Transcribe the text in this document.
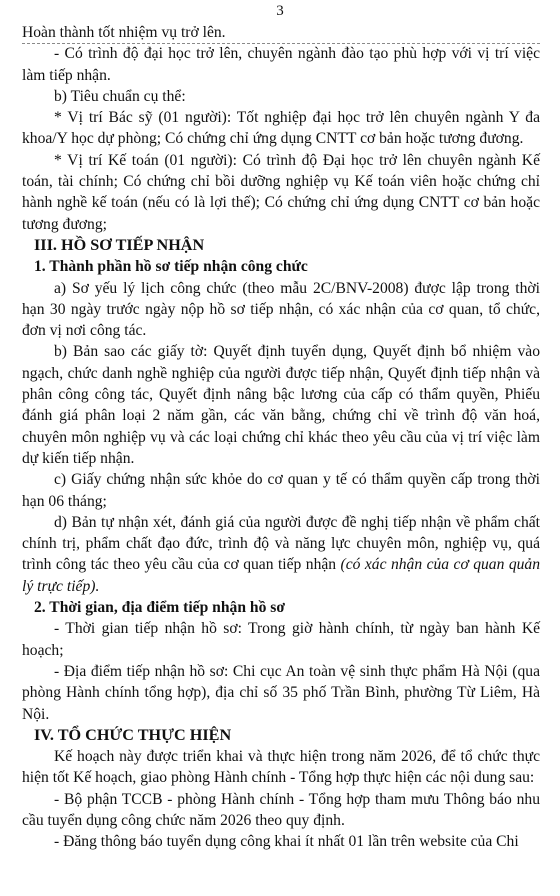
3

Hoàn thành tốt nhiệm vụ trở lên.

- Có trình độ đại học trở lên, chuyên ngành đào tạo phù hợp với vị trí việc làm tiếp nhận.

b) Tiêu chuẩn cụ thể:

* Vị trí Bác sỹ (01 người): Tốt nghiệp đại học trở lên chuyên ngành Y đa khoa/Y học dự phòng; Có chứng chỉ ứng dụng CNTT cơ bản hoặc tương đương.

* Vị trí Kế toán (01 người): Có trình độ Đại học trở lên chuyên ngành Kế toán, tài chính; Có chứng chỉ bồi dưỡng nghiệp vụ Kế toán viên hoặc chứng chỉ hành nghề kế toán (nếu có là lợi thế); Có chứng chỉ ứng dụng CNTT cơ bản hoặc tương đương;

III. HỒ SƠ TIẾP NHẬN

1. Thành phần hồ sơ tiếp nhận công chức

a) Sơ yếu lý lịch công chức (theo mẫu 2C/BNV-2008) được lập trong thời hạn 30 ngày trước ngày nộp hồ sơ tiếp nhận, có xác nhận của cơ quan, tổ chức, đơn vị nơi công tác.

b) Bản sao các giấy tờ: Quyết định tuyển dụng, Quyết định bổ nhiệm vào ngạch, chức danh nghề nghiệp của người được tiếp nhận, Quyết định tiếp nhận và phân công công tác, Quyết định nâng bậc lương của cấp có thẩm quyền, Phiếu đánh giá phân loại 2 năm gần, các văn bằng, chứng chỉ về trình độ văn hoá, chuyên môn nghiệp vụ và các loại chứng chỉ khác theo yêu cầu của vị trí việc làm dự kiến tiếp nhận.

c) Giấy chứng nhận sức khỏe do cơ quan y tế có thẩm quyền cấp trong thời hạn 06 tháng;

d) Bản tự nhận xét, đánh giá của người được đề nghị tiếp nhận về phẩm chất chính trị, phẩm chất đạo đức, trình độ và năng lực chuyên môn, nghiệp vụ, quá trình công tác theo yêu cầu của cơ quan tiếp nhận (có xác nhận của cơ quan quản lý trực tiếp).

2. Thời gian, địa điểm tiếp nhận hồ sơ

- Thời gian tiếp nhận hồ sơ: Trong giờ hành chính, từ ngày ban hành Kế hoạch;

- Địa điểm tiếp nhận hồ sơ: Chi cục An toàn vệ sinh thực phẩm Hà Nội (qua phòng Hành chính tổng hợp), địa chỉ số 35 phố Trần Bình, phường Từ Liêm, Hà Nội.

IV. TỔ CHỨC THỰC HIỆN

Kế hoạch này được triển khai và thực hiện trong năm 2026, để tổ chức thực hiện tốt Kế hoạch, giao phòng Hành chính - Tổng hợp thực hiện các nội dung sau:

- Bộ phận TCCB - phòng Hành chính - Tổng hợp tham mưu Thông báo nhu cầu tuyển dụng công chức năm 2026 theo quy định.

- Đăng thông báo tuyển dụng công khai ít nhất 01 lần trên website của Chi
